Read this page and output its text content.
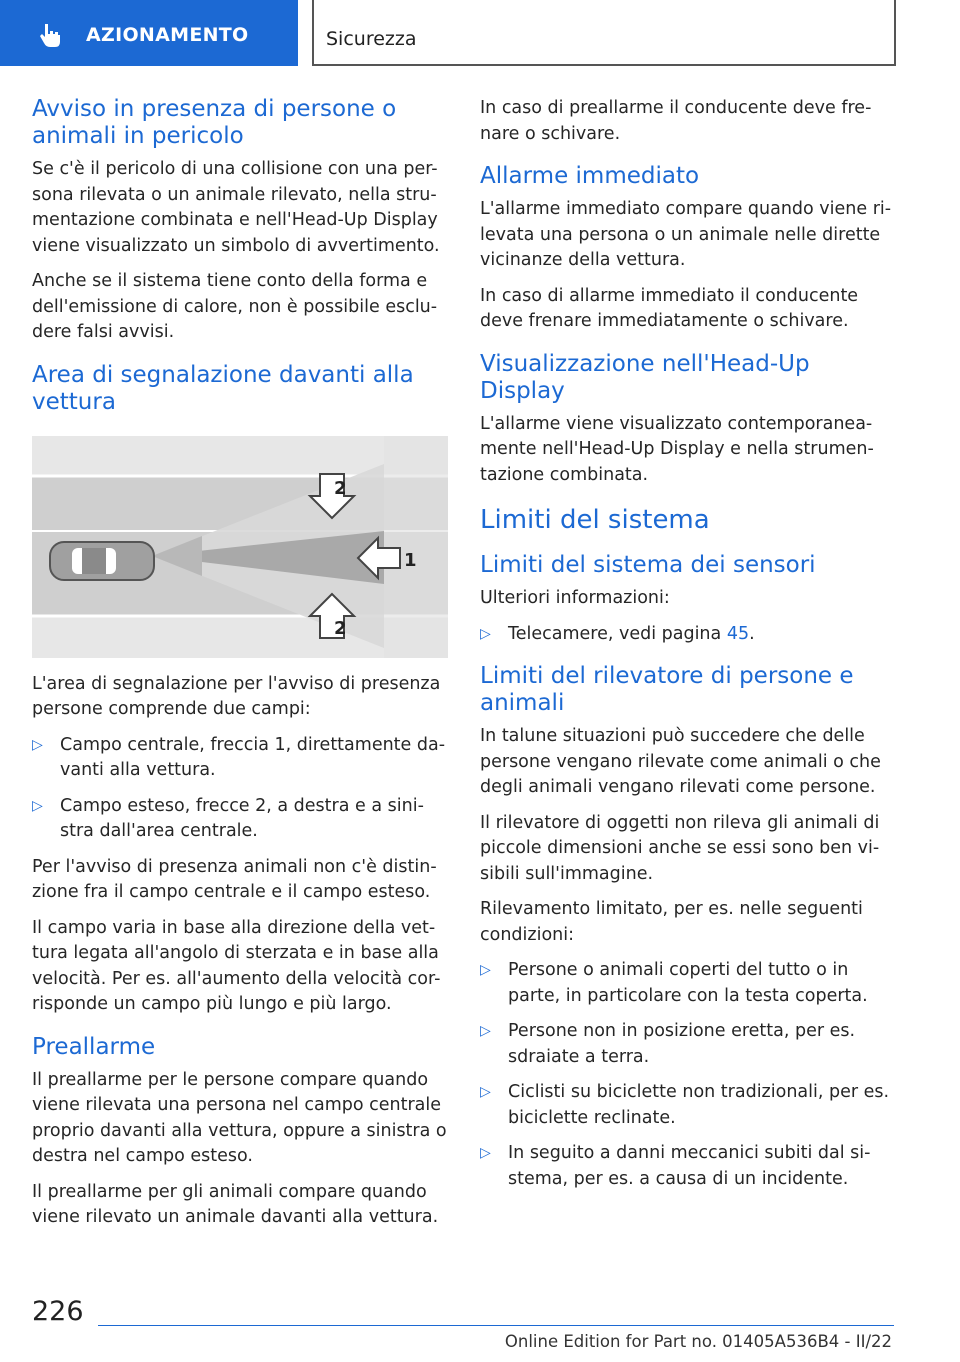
AZIONAMENTO	Sicurezza
Avviso in presenza di persone o animali in pericolo

Se c'è il pericolo di una collisione con una per-sona rilevata o un animale rilevato, nella stru-mentazione combinata e nell'Head-Up Display viene visualizzato un simbolo di avvertimento.

Anche se il sistema tiene conto della forma e dell'emissione di calore, non è possibile esclu-dere falsi avvisi.

Area di segnalazione davanti alla vettura
1
2
2

L'area di segnalazione per l'avviso di presenza persone comprende due campi:

▷ Campo centrale, freccia 1, direttamente da-vanti alla vettura.
▷ Campo esteso, frecce 2, a destra e a sini-stra dall'area centrale.

Per l'avviso di presenza animali non c'è distin-zione fra il campo centrale e il campo esteso.

Il campo varia in base alla direzione della vet-tura legata all'angolo di sterzata e in base alla velocità. Per es. all'aumento della velocità cor-risponde un campo più lungo e più largo.

Preallarme

Il preallarme per le persone compare quando viene rilevata una persona nel campo centrale proprio davanti alla vettura, oppure a sinistra o destra nel campo esteso.

Il preallarme per gli animali compare quando viene rilevato un animale davanti alla vettura.

In caso di preallarme il conducente deve fre-nare o schivare.

Allarme immediato

L'allarme immediato compare quando viene ri-levata una persona o un animale nelle dirette vicinanze della vettura.

In caso di allarme immediato il conducente deve frenare immediatamente o schivare.

Visualizzazione nell'Head-Up Display

L'allarme viene visualizzato contemporanea-mente nell'Head-Up Display e nella strumen-tazione combinata.

Limiti del sistema
Limiti del sistema dei sensori

Ulteriori informazioni:

▷ Telecamere, vedi pagina 45.
Limiti del rilevatore di persone e animali

In talune situazioni può succedere che delle persone vengano rilevate come animali o che degli animali vengano rilevati come persone.

Il rilevatore di oggetti non rileva gli animali di piccole dimensioni anche se essi sono ben vi-sibili sull'immagine.

Rilevamento limitato, per es. nelle seguenti condizioni:

▷ Persone o animali coperti del tutto o in parte, in particolare con la testa coperta.
▷ Persone non in posizione eretta, per es. sdraiate a terra.
▷ Ciclisti su biciclette non tradizionali, per es. biciclette reclinate.
▷ In seguito a danni meccanici subiti dal si-stema, per es. a causa di un incidente.
226
Online Edition for Part no. 01405A536B4 - II/22
